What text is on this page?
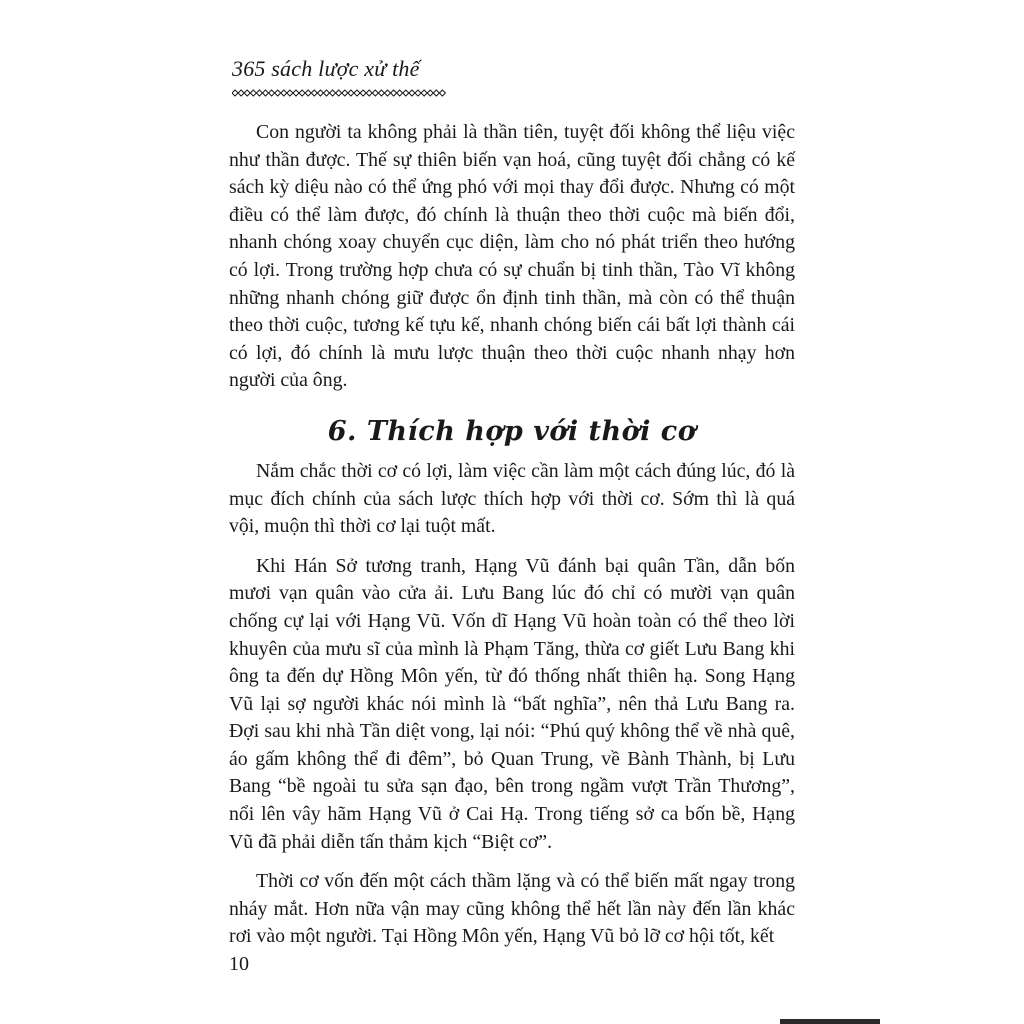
365 sách lược xử thế

Con người ta không phải là thần tiên, tuyệt đối không thể liệu việc như thần được. Thế sự thiên biến vạn hoá, cũng tuyệt đối chẳng có kế sách kỳ diệu nào có thể ứng phó với mọi thay đổi được. Nhưng có một điều có thể làm được, đó chính là thuận theo thời cuộc mà biến đổi, nhanh chóng xoay chuyển cục diện, làm cho nó phát triển theo hướng có lợi. Trong trường hợp chưa có sự chuẩn bị tinh thần, Tào Vĩ không những nhanh chóng giữ được ổn định tinh thần, mà còn có thể thuận theo thời cuộc, tương kế tựu kế, nhanh chóng biến cái bất lợi thành cái có lợi, đó chính là mưu lược thuận theo thời cuộc nhanh nhạy hơn người của ông.

6. Thích hợp với thời cơ

Nắm chắc thời cơ có lợi, làm việc cần làm một cách đúng lúc, đó là mục đích chính của sách lược thích hợp với thời cơ. Sớm thì là quá vội, muộn thì thời cơ lại tuột mất.

Khi Hán Sở tương tranh, Hạng Vũ đánh bại quân Tần, dẫn bốn mươi vạn quân vào cửa ải. Lưu Bang lúc đó chỉ có mười vạn quân chống cự lại với Hạng Vũ. Vốn dĩ Hạng Vũ hoàn toàn có thể theo lời khuyên của mưu sĩ của mình là Phạm Tăng, thừa cơ giết Lưu Bang khi ông ta đến dự Hồng Môn yến, từ đó thống nhất thiên hạ. Song Hạng Vũ lại sợ người khác nói mình là “bất nghĩa”, nên thả Lưu Bang ra. Đợi sau khi nhà Tần diệt vong, lại nói: “Phú quý không thể về nhà quê, áo gấm không thể đi đêm”, bỏ Quan Trung, về Bành Thành, bị Lưu Bang “bề ngoài tu sửa sạn đạo, bên trong ngầm vượt Trần Thương”, nổi lên vây hãm Hạng Vũ ở Cai Hạ. Trong tiếng sở ca bốn bề, Hạng Vũ đã phải diễn tấn thảm kịch “Biệt cơ”.

Thời cơ vốn đến một cách thầm lặng và có thể biến mất ngay trong nháy mắt. Hơn nữa vận may cũng không thể hết lần này đến lần khác rơi vào một người. Tại Hồng Môn yến, Hạng Vũ bỏ lỡ cơ hội tốt, kết

10
